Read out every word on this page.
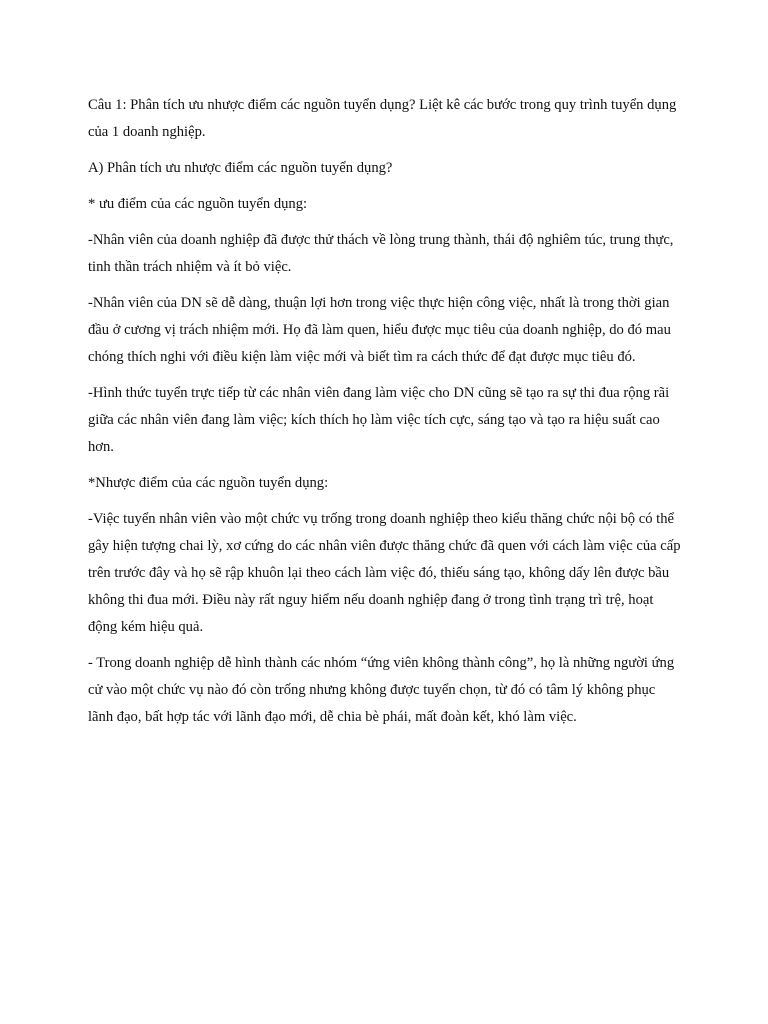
Câu 1: Phân tích ưu nhược điểm các nguồn tuyển dụng? Liệt kê các bước trong quy trình tuyển dụng của 1 doanh nghiệp.

A) Phân tích ưu nhược điểm các nguồn tuyển dụng?

* ưu điểm của các nguồn tuyển dụng:

-Nhân viên của doanh nghiệp đã được thử thách về lòng trung thành, thái độ nghiêm túc, trung thực, tinh thần trách nhiệm và ít bỏ việc.

-Nhân viên của DN sẽ dễ dàng, thuận lợi hơn trong việc thực hiện công việc, nhất là trong thời gian đầu ở cương vị trách nhiệm mới. Họ đã làm quen, hiểu được mục tiêu của doanh nghiệp, do đó mau chóng thích nghi với điều kiện làm việc mới và biết tìm ra cách thức để đạt được mục tiêu đó.

-Hình thức tuyển trực tiếp từ các nhân viên đang làm việc cho DN cũng sẽ tạo ra sự thi đua rộng rãi giữa các nhân viên đang làm việc; kích thích họ làm việc tích cực, sáng tạo và tạo ra hiệu suất cao hơn.

*Nhược điểm của các nguồn tuyển dụng:

-Việc tuyển nhân viên vào một chức vụ trống trong doanh nghiệp theo kiểu thăng chức nội bộ có thể gây hiện tượng chai lỳ, xơ cứng do các nhân viên được thăng chức đã quen với cách làm việc của cấp trên trước đây và họ sẽ rập khuôn lại theo cách làm việc đó, thiếu sáng tạo, không dấy lên được bầu không thi đua mới. Điều này rất nguy hiểm nếu doanh nghiệp đang ở trong tình trạng trì trệ, hoạt động kém hiệu quả.

- Trong doanh nghiệp dễ hình thành các nhóm “ứng viên không thành công”, họ là những người ứng cử vào một chức vụ nào đó còn trống nhưng không được tuyển chọn, từ đó có tâm lý không phục lãnh đạo, bất hợp tác với lãnh đạo mới, dễ chia bè phái, mất đoàn kết, khó làm việc.
